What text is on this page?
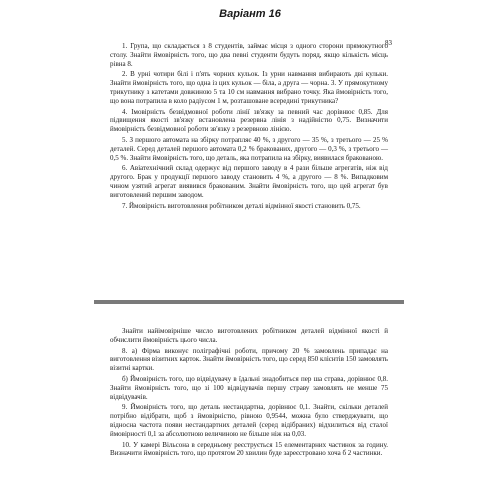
Варіант 16
83

1. Група, що складається з 8 студентів, займає місця з одного сторони прямокутного столу. Знайти ймовірність того, що два певні студенти будуть поряд, якщо кількість місць рівна 8.

2. В урні чотири білі і п'ять чорних кульок. Із урни навмання вибирають дві кульки. Знайти ймовірність того, що одна із цих кульок — біла, а друга — чорна. 3. У прямокутному трикутнику з катетами довжиною 5 та 10 см навмання вибрано точку. Яка ймовірність того, що вона потрапила в коло радіусом 1 м, розташоване всередині трикутника?

4. Імовірність безвідмовної роботи лінії зв'язку за певний час дорівнює 0,85. Для підвищення якості зв'язку встановлена резервна лінія з надійністю 0,75. Визначити ймовірність безвідмовної роботи зв'язку з резервною лінією.

5. З першого автомата на збірку потрапляє 40 %, з другого — 35 %, з третього — 25 % деталей. Серед деталей першого автомата 0,2 % бракованих, другого — 0,3 %, з третього — 0,5 %. Знайти ймовірність того, що деталь, яка потрапила на збірку, виявилася бракованою.

6. Авіатехнічний склад одержує від першого заводу в 4 рази більше агрегатів, ніж від другого. Брак у продукції першого заводу становить 4 %, а другого — 8 %. Випадковим чином узятий агрегат виявився бракованим. Знайти ймовірність того, що цей агрегат був виготовлений першим заводом.

7. Ймовірність виготовлення робітником деталі відмінної якості становить 0,75.

Знайти найімовірніше число виготовлених робітником деталей відмінної якості й обчислити ймовірність цього числа.

8. а) Фірма виконує поліграфічні роботи, причому 20 % замовлень припадає на виготовлення візитних карток. Знайти ймовірність того, що серед 850 кліснтів 150 замовлять візитні картки.

б) Ймовірність того, що відвідувачу в їдальні знадобиться пер ша страва, дорівнює 0,8. Знайти ймовірність того, що зі 100 відвідувачів першу страву замовлять не менше 75 відвідувачів.

9. Ймовірність того, що деталь нестандартна, дорівнює 0,1. Знайти, скільки деталей потрібно відібрати, щоб з ймовірністю, рівною 0,9544, можна було стверджувати, що відносна частота появи нестандартних деталей (серед відібраних) відхилиться від сталої ймовірності 0,1 за абсолютною величиною не більше ніж на 0,03.

10. У камері Вільсона в середньому реєструється 15 елементарних частинок за годину. Визначити ймовірність того, що протягом 20 хвилин буде зареєстровано хоча б 2 частинки.
